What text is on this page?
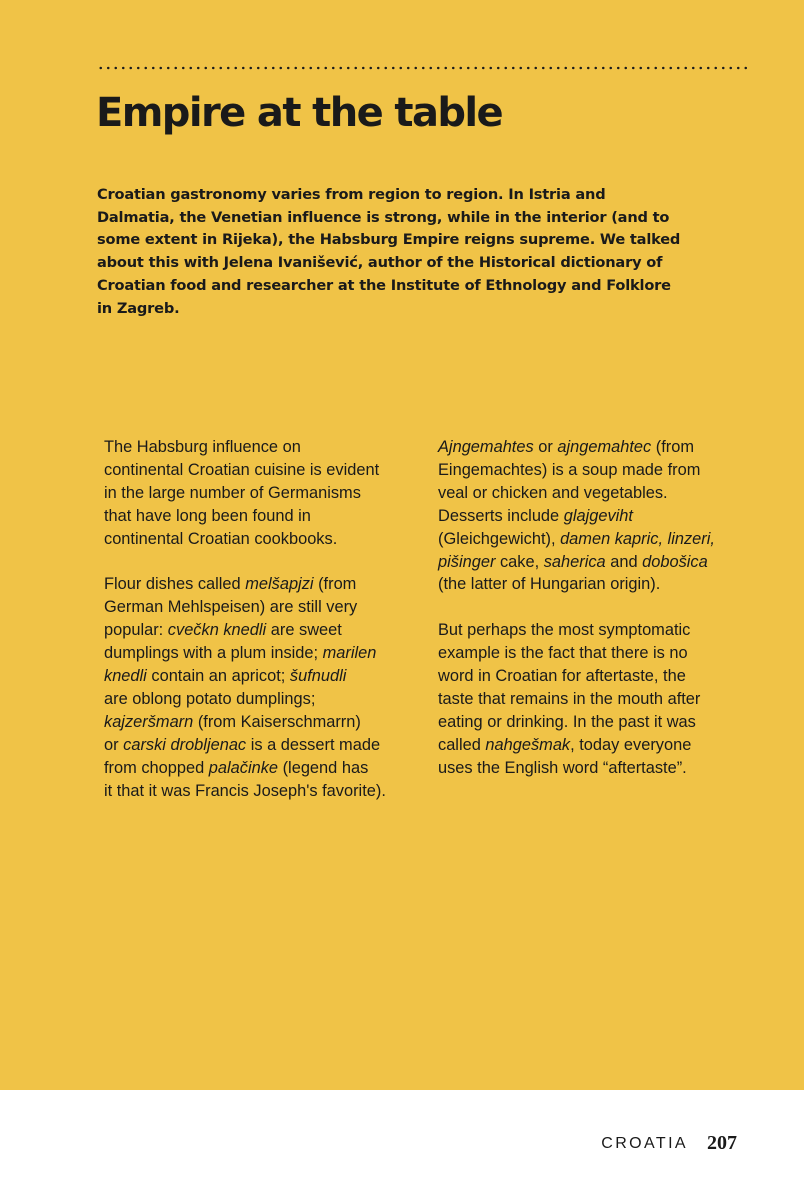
Empire at the table

Croatian gastronomy varies from region to region. In Istria and
Dalmatia, the Venetian influence is strong, while in the interior (and to
some extent in Rijeka), the Habsburg Empire reigns supreme. We talked
about this with Jelena Ivanišević, author of the Historical dictionary of
Croatian food and researcher at the Institute of Ethnology and Folklore
in Zagreb.

The Habsburg influence on
continental Croatian cuisine is evident
in the large number of Germanisms
that have long been found in
continental Croatian cookbooks.

Flour dishes called melšapjzi (from
German Mehlspeisen) are still very
popular: cvečkn knedli are sweet
dumplings with a plum inside; marilen
knedli contain an apricot; šufnudli
are oblong potato dumplings;
kajzeršmarn (from Kaiserschmarrn)
or carski drobljenac is a dessert made
from chopped palačinke (legend has
it that it was Francis Joseph's favorite).

Ajngemahtes or ajngemahtec (from
Eingemachtes) is a soup made from
veal or chicken and vegetables.
Desserts include glajgeviht
(Gleichgewicht), damen kapric, linzeri,
pišinger cake, saherica and dobošica
(the latter of Hungarian origin).

But perhaps the most symptomatic
example is the fact that there is no
word in Croatian for aftertaste, the
taste that remains in the mouth after
eating or drinking. In the past it was
called nahgešmak, today everyone
uses the English word “aftertaste”.

CROATIA 207
